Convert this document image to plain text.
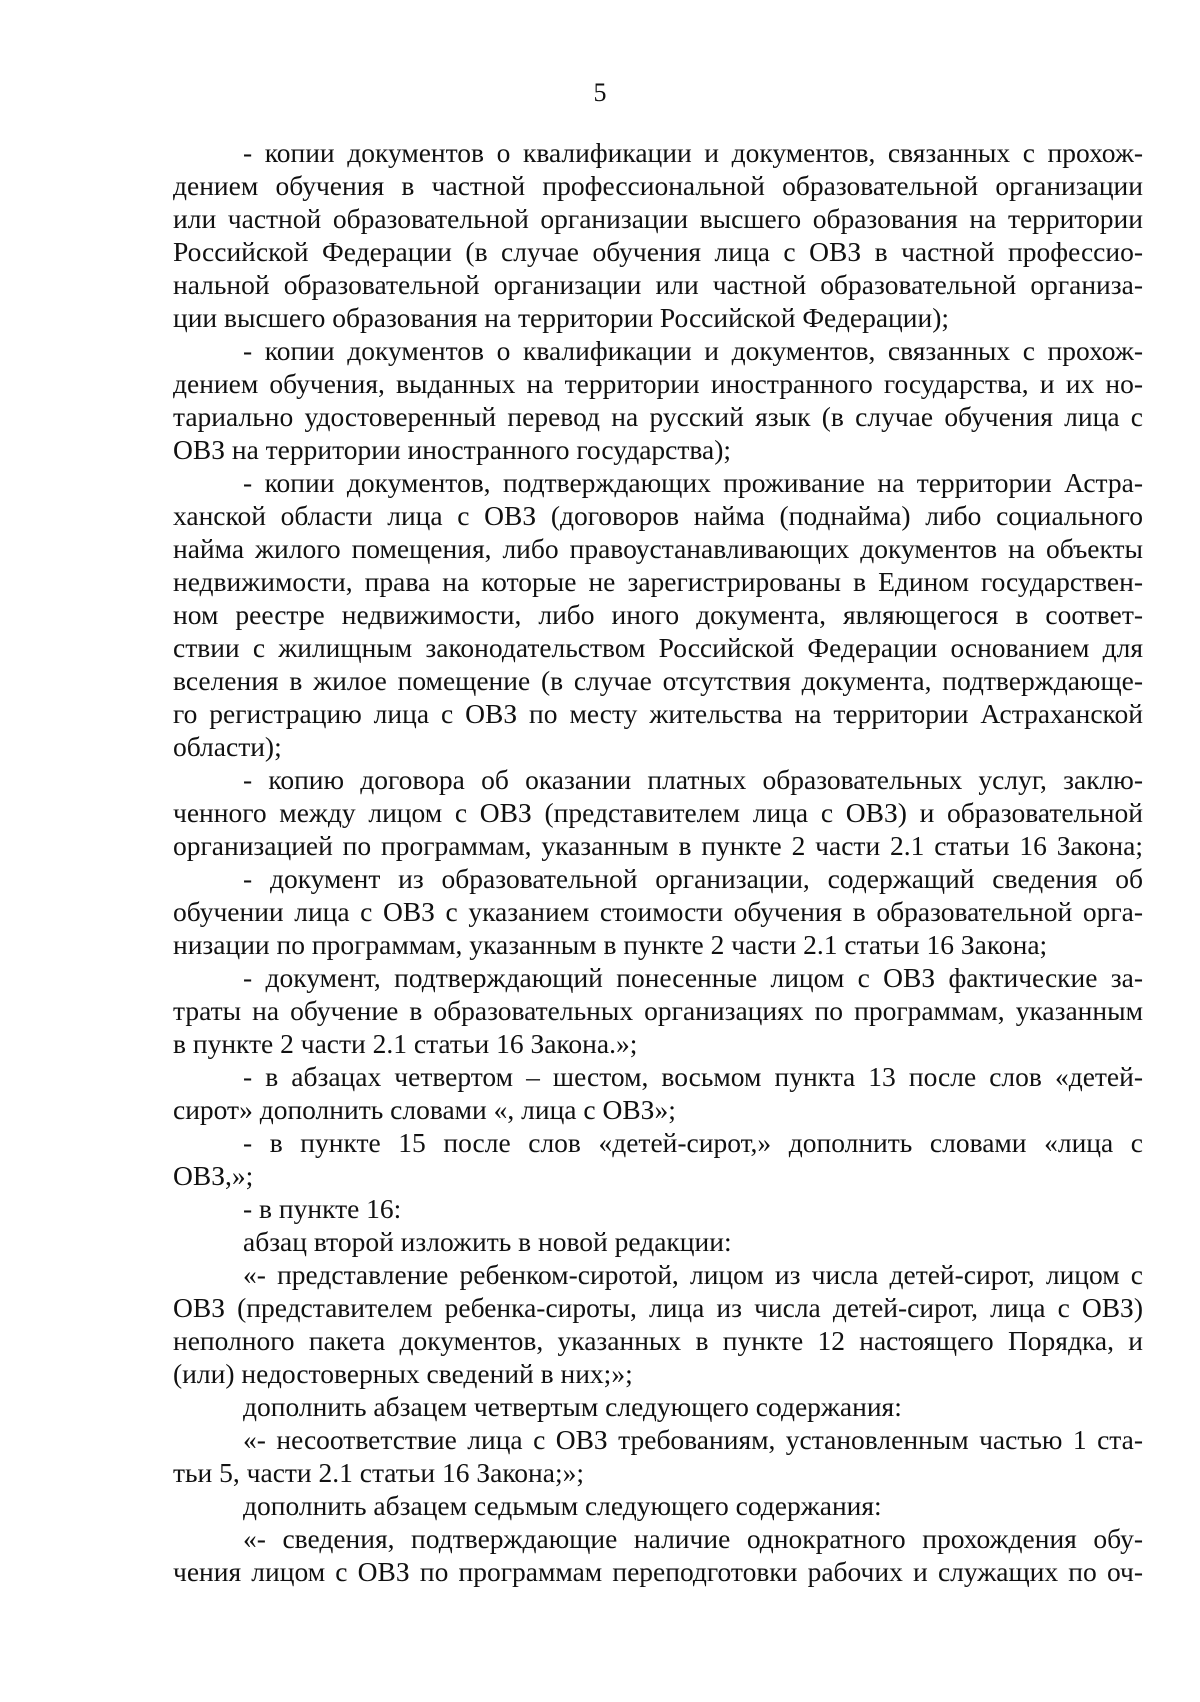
5
- копии документов о квалификации и документов, связанных с прохож-
дением обучения в частной профессиональной образовательной организации
или частной образовательной организации высшего образования на территории
Российской Федерации (в случае обучения лица с ОВЗ в частной профессио-
нальной образовательной организации или частной образовательной организа-
ции высшего образования на территории Российской Федерации);
- копии документов о квалификации и документов, связанных с прохож-
дением обучения, выданных на территории иностранного государства, и их но-
тариально удостоверенный перевод на русский язык (в случае обучения лица с
ОВЗ на территории иностранного государства);
- копии документов, подтверждающих проживание на территории Астра-
ханской области лица с ОВЗ (договоров найма (поднайма) либо социального
найма жилого помещения, либо правоустанавливающих документов на объекты
недвижимости, права на которые не зарегистрированы в Едином государствен-
ном реестре недвижимости, либо иного документа, являющегося в соответ-
ствии с жилищным законодательством Российской Федерации основанием для
вселения в жилое помещение (в случае отсутствия документа, подтверждающе-
го регистрацию лица с ОВЗ по месту жительства на территории Астраханской
области);
- копию договора об оказании платных образовательных услуг, заклю-
ченного между лицом с ОВЗ (представителем лица с ОВЗ) и образовательной
организацией по программам, указанным в пункте 2 части 2.1 статьи 16 Закона;
- документ из образовательной организации, содержащий сведения об
обучении лица с ОВЗ с указанием стоимости обучения в образовательной орга-
низации по программам, указанным в пункте 2 части 2.1 статьи 16 Закона;
- документ, подтверждающий понесенные лицом с ОВЗ фактические за-
траты на обучение в образовательных организациях по программам, указанным
в пункте 2 части 2.1 статьи 16 Закона.»;
- в абзацах четвертом – шестом, восьмом пункта 13 после слов «детей-
сирот» дополнить словами «, лица с ОВЗ»;
- в пункте 15 после слов «детей-сирот,» дополнить словами «лица с
ОВЗ,»;
- в пункте 16:
абзац второй изложить в новой редакции:
«- представление ребенком-сиротой, лицом из числа детей-сирот, лицом с
ОВЗ (представителем ребенка-сироты, лица из числа детей-сирот, лица с ОВЗ)
неполного пакета документов, указанных в пункте 12 настоящего Порядка, и
(или) недостоверных сведений в них;»;
дополнить абзацем четвертым следующего содержания:
«- несоответствие лица с ОВЗ требованиям, установленным частью 1 ста-
тьи 5, части 2.1 статьи 16 Закона;»;
дополнить абзацем седьмым следующего содержания:
«- сведения, подтверждающие наличие однократного прохождения обу-
чения лицом с ОВЗ по программам переподготовки рабочих и служащих по оч-
